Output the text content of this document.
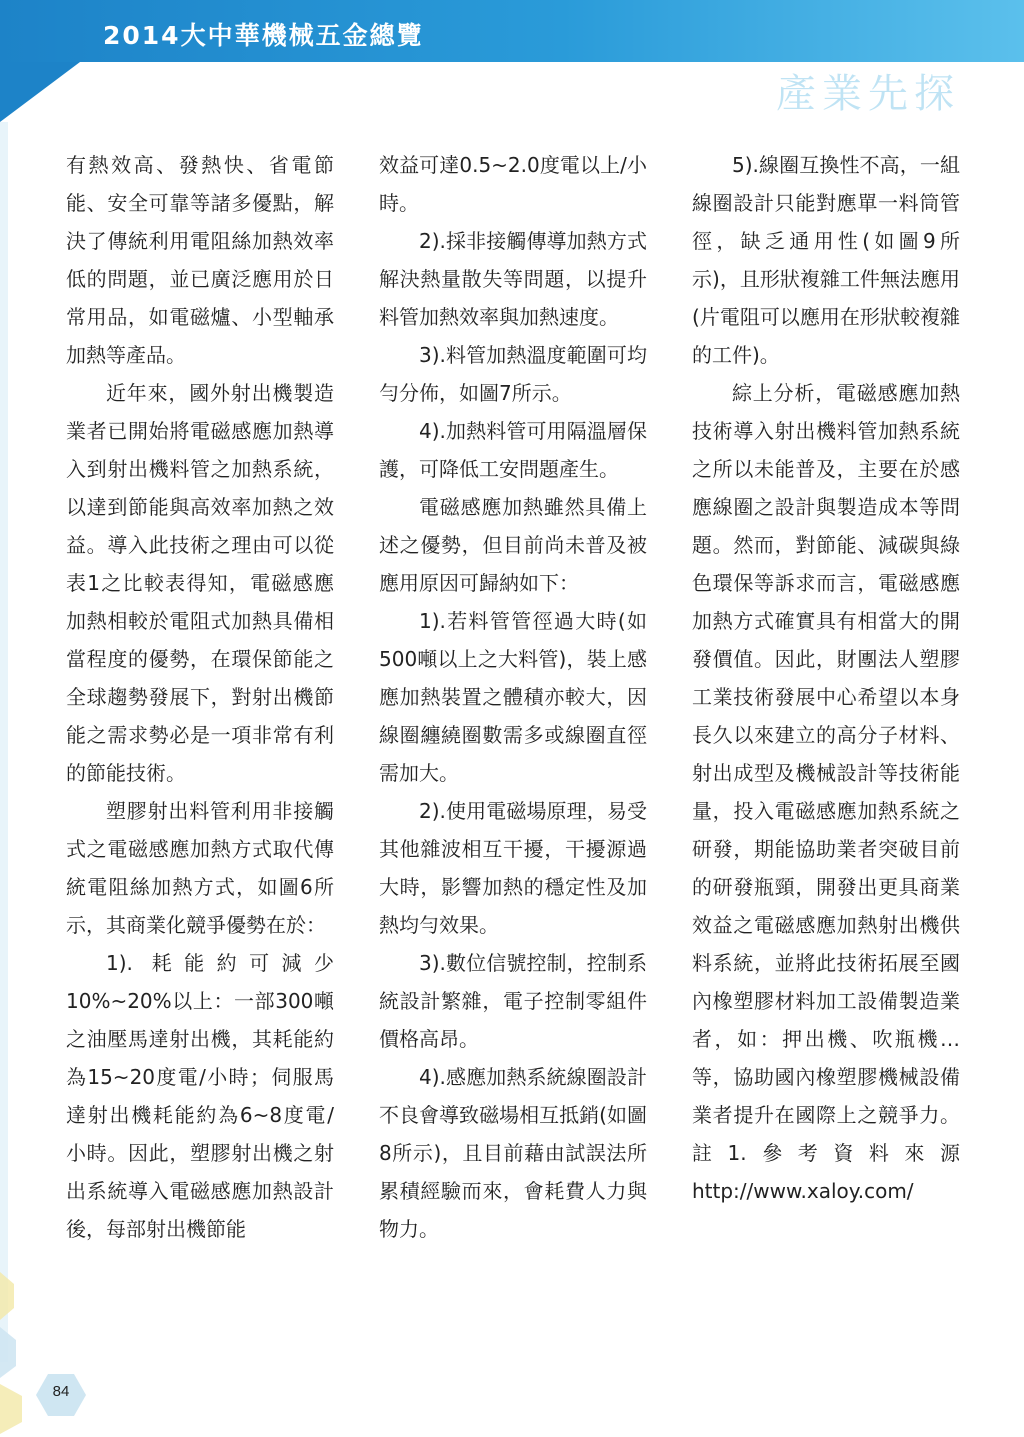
2014大中華機械五金總覽
產業先探
84

有熱效高、發熱快、省電節能、安全可靠等諸多優點，解決了傳統利用電阻絲加熱效率低的問題，並已廣泛應用於日常用品，如電磁爐、小型軸承加熱等產品。

近年來，國外射出機製造業者已開始將電磁感應加熱導入到射出機料管之加熱系統，以達到節能與高效率加熱之效益。導入此技術之理由可以從表1之比較表得知，電磁感應加熱相較於電阻式加熱具備相當程度的優勢，在環保節能之全球趨勢發展下，對射出機節能之需求勢必是一項非常有利的節能技術。

塑膠射出料管利用非接觸式之電磁感應加熱方式取代傳統電阻絲加熱方式，如圖6所示，其商業化競爭優勢在於：

1). 耗能約可減少10%~20%以上：一部300噸之油壓馬達射出機，其耗能約為15~20度電/小時；伺服馬達射出機耗能約為6~8度電/小時。因此，塑膠射出機之射出系統導入電磁感應加熱設計後，每部射出機節能

效益可達0.5~2.0度電以上/小時。

2).採非接觸傳導加熱方式解決熱量散失等問題，以提升料管加熱效率與加熱速度。

3).料管加熱溫度範圍可均勻分佈，如圖7所示。

4).加熱料管可用隔溫層保護，可降低工安問題產生。

電磁感應加熱雖然具備上述之優勢，但目前尚未普及被應用原因可歸納如下：

1).若料管管徑過大時(如500噸以上之大料管)，裝上感應加熱裝置之體積亦較大，因線圈纏繞圈數需多或線圈直徑需加大。

2).使用電磁場原理，易受其他雜波相互干擾，干擾源過大時，影響加熱的穩定性及加熱均勻效果。

3).數位信號控制，控制系統設計繁雜，電子控制零組件價格高昂。

4).感應加熱系統線圈設計不良會導致磁場相互抵銷(如圖8所示)，且目前藉由試誤法所累積經驗而來，會耗費人力與物力。

5).線圈互換性不高，一組線圈設計只能對應單一料筒管徑，缺乏通用性(如圖9所示)，且形狀複雜工件無法應用(片電阻可以應用在形狀較複雜的工件)。

綜上分析，電磁感應加熱技術導入射出機料管加熱系統之所以未能普及，主要在於感應線圈之設計與製造成本等問題。然而，對節能、減碳與綠色環保等訴求而言，電磁感應加熱方式確實具有相當大的開發價值。因此，財團法人塑膠工業技術發展中心希望以本身長久以來建立的高分子材料、射出成型及機械設計等技術能量，投入電磁感應加熱系統之研發，期能協助業者突破目前的研發瓶頸，開發出更具商業效益之電磁感應加熱射出機供料系統，並將此技術拓展至國內橡塑膠材料加工設備製造業者，如：押出機、吹瓶機…等，協助國內橡塑膠機械設備業者提升在國際上之競爭力。 註1.參考資料來源http://www.xaloy.com/
